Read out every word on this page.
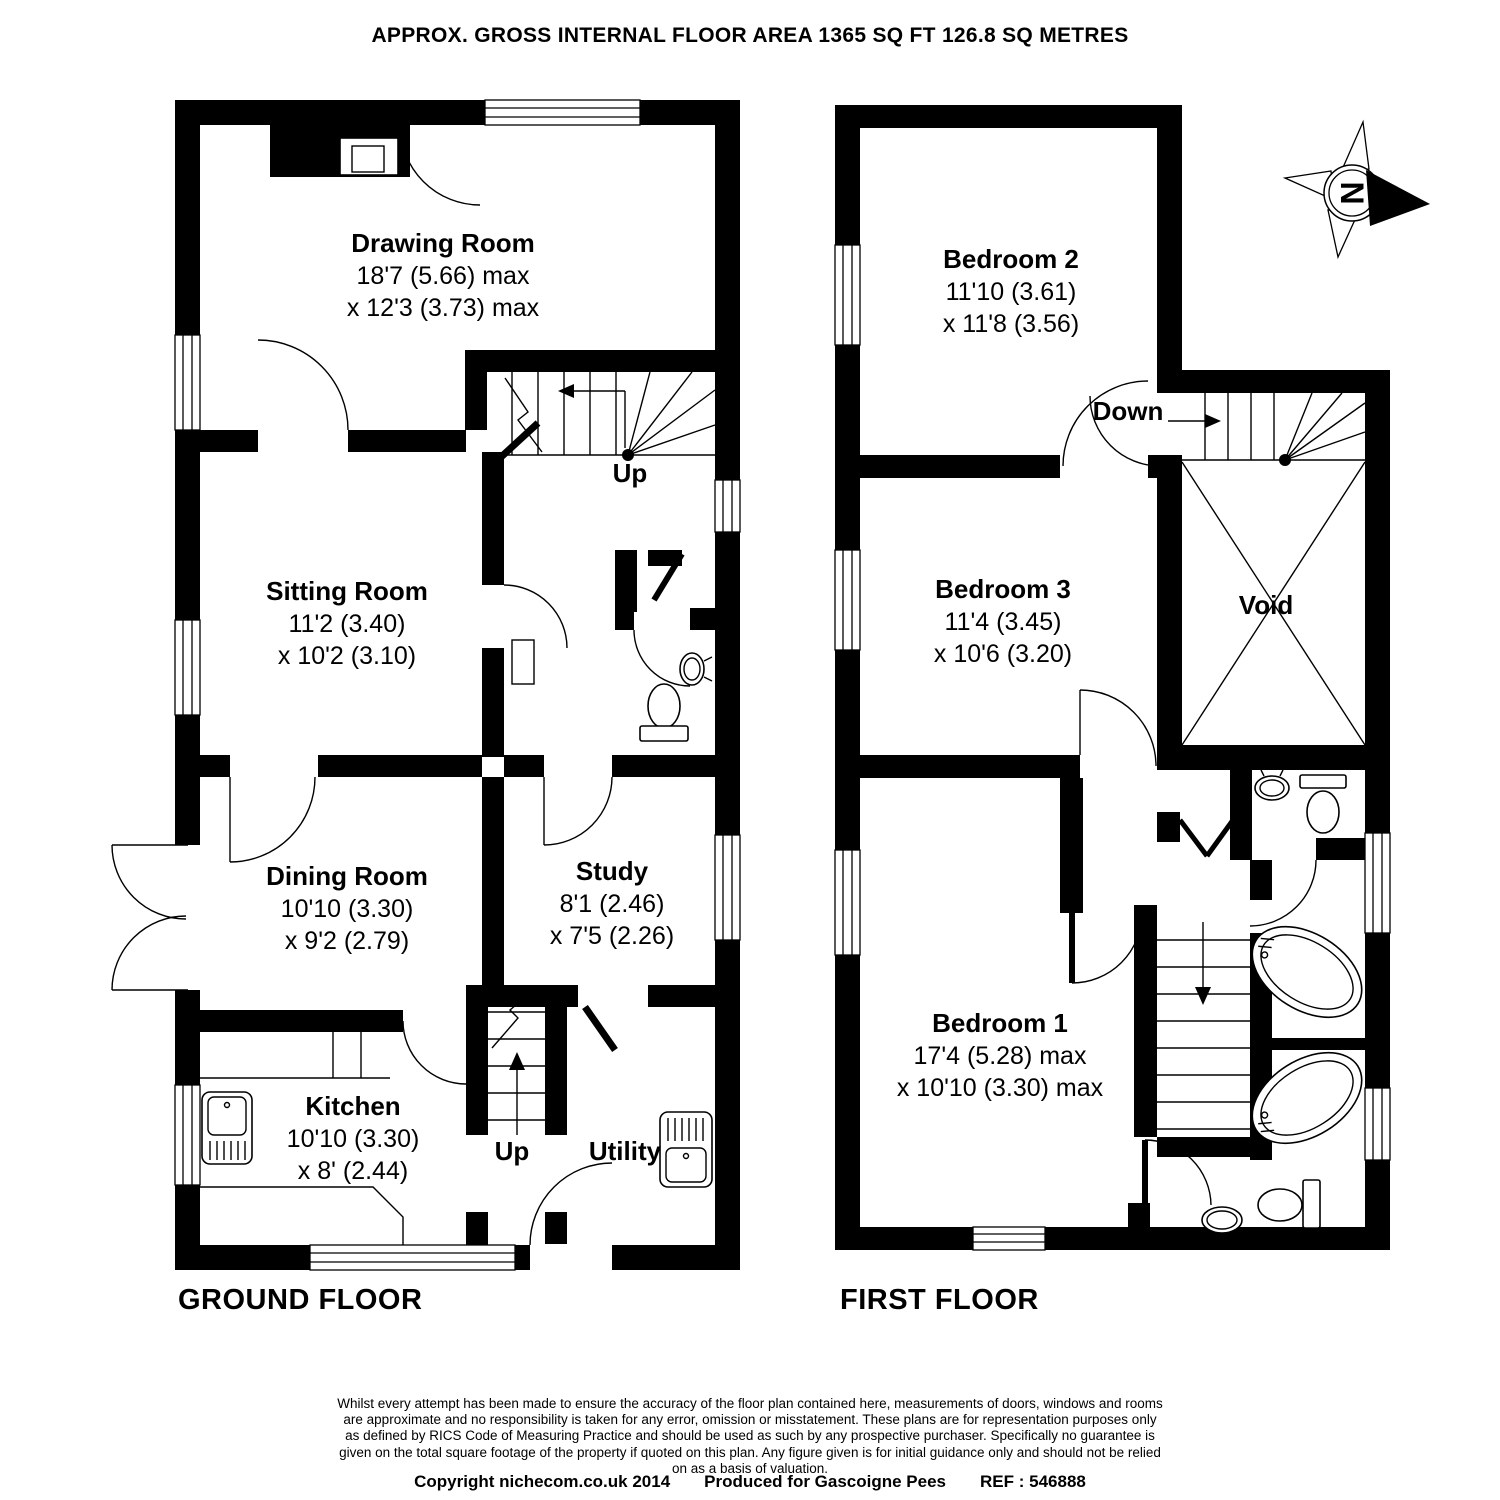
APPROX. GROSS INTERNAL FLOOR AREA 1365 SQ FT 126.8 SQ METRES
Drawing Room
18'7 (5.66) max
x 12'3 (3.73) max
Sitting Room
11'2 (3.40)
x 10'2 (3.10)
Dining Room
10'10 (3.30)
x 9'2 (2.79)
Study
8'1 (2.46)
x 7'5 (2.26)
Kitchen
10'10 (3.30)
x 8' (2.44)
Utility
Up
Up
Bedroom 2
11'10 (3.61)
x 11'8 (3.56)
Bedroom 3
11'4 (3.45)
x 10'6 (3.20)
Bedroom 1
17'4 (5.28) max
x 10'10 (3.30) max
Void
Down
N
GROUND FLOOR	FIRST FLOOR
Whilst every attempt has been made to ensure the accuracy of the floor plan contained here, measurements of doors, windows and rooms are approximate and no responsibility is taken for any error, omission or misstatement. These plans are for representation purposes only as defined by RICS Code of Measuring Practice and should be used as such by any prospective purchaser. Specifically no guarantee is given on the total square footage of the property if quoted on this plan. Any figure given is for initial guidance only and should not be relied on as a basis of valuation.
Copyright nichecom.co.uk 2014 Produced for Gascoigne Pees REF : 546888
